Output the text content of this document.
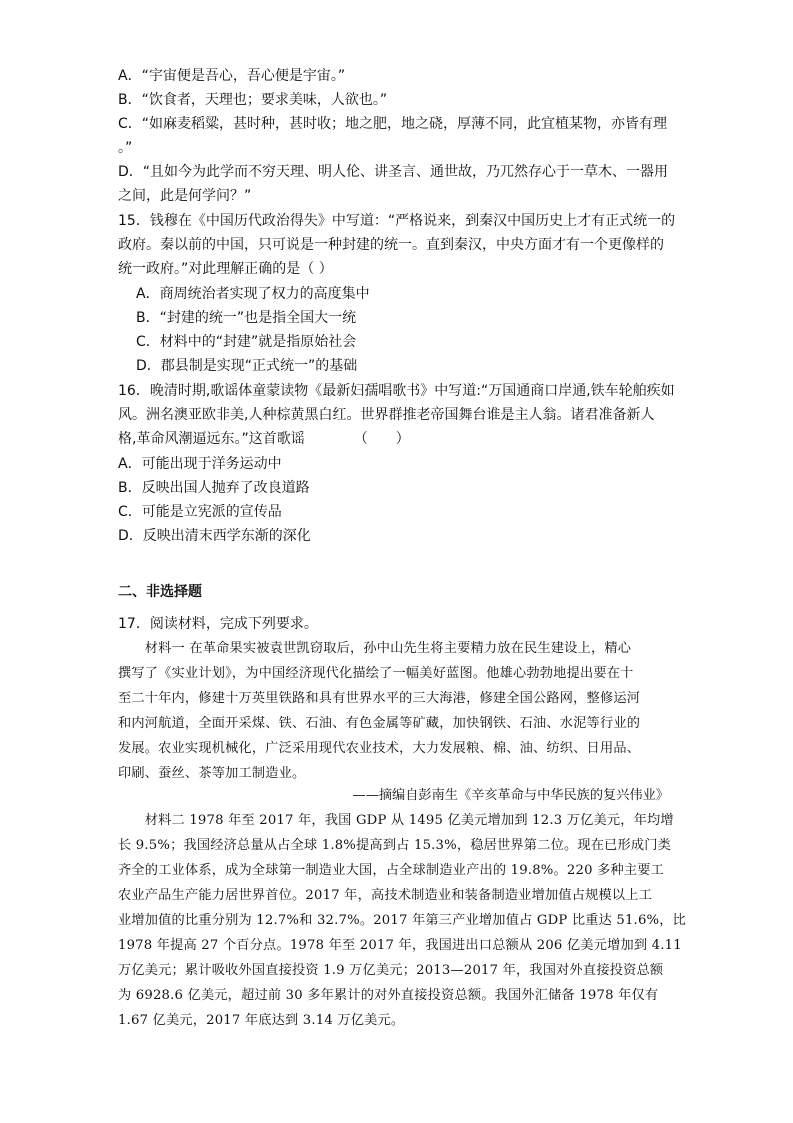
A．“宇宙便是吾心，吾心便是宇宙。”
B．“饮食者，天理也；要求美味，人欲也。”
C．“如麻麦稻粱，甚时种，甚时收；地之肥，地之硗，厚薄不同，此宜植某物，亦皆有理
。”
D．“且如今为此学而不穷天理、明人伦、讲圣言、通世故，乃兀然存心于一草木、一器用
之间，此是何学问？”
15．钱穆在《中国历代政治得失》中写道：“严格说来，到秦汉中国历史上才有正式统一的
政府。秦以前的中国，只可说是一种封建的统一。直到秦汉，中央方面才有一个更像样的
统一政府。”对此理解正确的是（ ）
A．商周统治者实现了权力的高度集中
B．“封建的统一”也是指全国大一统
C．材料中的“封建”就是指原始社会
D．郡县制是实现“正式统一”的基础
16．晚清时期,歌谣体童蒙读物《最新妇孺唱歌书》中写道:“万国通商口岸通,铁车轮舶疾如
风。洲名澳亚欧非美,人种棕黄黑白红。世界群推老帝国舞台谁是主人翁。诸君准备新人
格,革命风潮逼远东。”这首歌谣　　　　（　　）
A．可能出现于洋务运动中
B．反映出国人抛弃了改良道路
C．可能是立宪派的宣传品
D．反映出清末西学东渐的深化
二、非选择题
17．阅读材料，完成下列要求。
　　材料一 在革命果实被袁世凯窃取后，孙中山先生将主要精力放在民生建设上，精心
撰写了《实业计划》，为中国经济现代化描绘了一幅美好蓝图。他雄心勃勃地提出要在十
至二十年内，修建十万英里铁路和具有世界水平的三大海港，修建全国公路网，整修运河
和内河航道，全面开采煤、铁、石油、有色金属等矿藏，加快钢铁、石油、水泥等行业的
发展。农业实现机械化，广泛采用现代农业技术，大力发展粮、棉、油、纺织、日用品、
印刷、蚕丝、茶等加工制造业。
——摘编自彭南生《辛亥革命与中华民族的复兴伟业》
　　材料二 1978 年至 2017 年，我国 GDP 从 1495 亿美元增加到 12.3 万亿美元，年均增
长 9.5%；我国经济总量从占全球 1.8%提高到占 15.3%，稳居世界第二位。现在已形成门类
齐全的工业体系，成为全球第一制造业大国，占全球制造业产出的 19.8%。220 多种主要工
农业产品生产能力居世界首位。2017 年，高技术制造业和装备制造业增加值占规模以上工
业增加值的比重分别为 12.7%和 32.7%。2017 年第三产业增加值占 GDP 比重达 51.6%，比
1978 年提高 27 个百分点。1978 年至 2017 年，我国进出口总额从 206 亿美元增加到 4.11
万亿美元；累计吸收外国直接投资 1.9 万亿美元；2013—2017 年，我国对外直接投资总额
为 6928.6 亿美元，超过前 30 多年累计的对外直接投资总额。我国外汇储备 1978 年仅有
1.67 亿美元，2017 年底达到 3.14 万亿美元。
